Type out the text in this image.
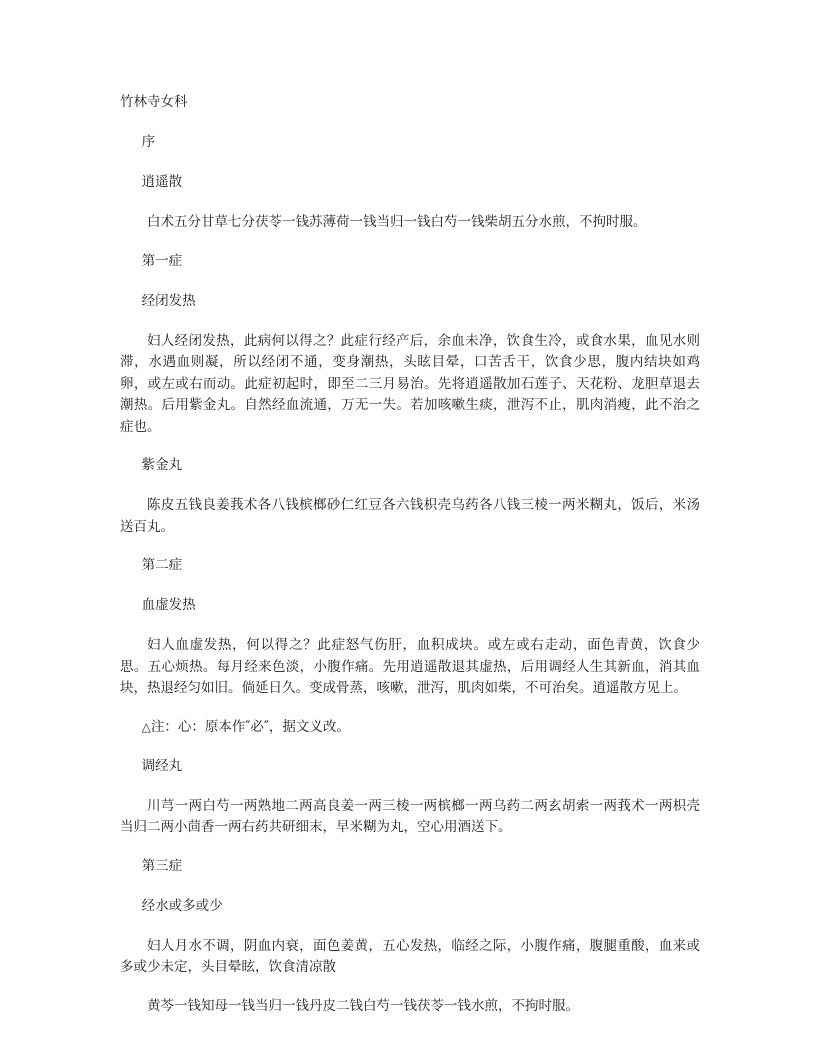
竹林寺女科

序

逍遥散

白术五分甘草七分茯苓一钱苏薄荷一钱当归一钱白芍一钱柴胡五分水煎，不拘时服。

第一症

经闭发热

妇人经闭发热，此病何以得之？此症行经产后，余血未净，饮食生冷，或食水果，血见水则滞，水遇血则凝，所以经闭不通，变身潮热，头眩目晕，口苦舌干，饮食少思，腹内结块如鸡卵，或左或右而动。此症初起时，即至二三月易治。先将逍遥散加石莲子、天花粉、龙胆草退去潮热。后用紫金丸。自然经血流通，万无一失。若加咳嗽生痰，泄泻不止，肌肉消瘦，此不治之症也。

紫金丸

陈皮五钱良姜莪术各八钱槟榔砂仁红豆各六钱枳壳乌药各八钱三棱一两米糊丸，饭后，米汤送百丸。

第二症

血虚发热

妇人血虚发热，何以得之？此症怒气伤肝，血积成块。或左或右走动，面色青黄，饮食少思。五心烦热。每月经来色淡，小腹作痛。先用逍遥散退其虚热，后用调经人生其新血，消其血块，热退经匀如旧。倘延日久。变成骨蒸，咳嗽，泄泻，肌肉如柴，不可治矣。逍遥散方见上。

△注：心：原本作″必″，据文义改。

调经丸

川芎一两白芍一两熟地二两高良姜一两三棱一两槟榔一两乌药二两玄胡索一两莪术一两枳壳当归二两小茴香一两右药共研细末，早米糊为丸，空心用酒送下。

第三症

经水或多或少

妇人月水不调，阴血内衰，面色姜黄，五心发热，临经之际，小腹作痛，腹腿重酸，血来或多或少未定，头目晕眩，饮食清凉散

黄芩一钱知母一钱当归一钱丹皮二钱白芍一钱茯苓一钱水煎，不拘时服。
